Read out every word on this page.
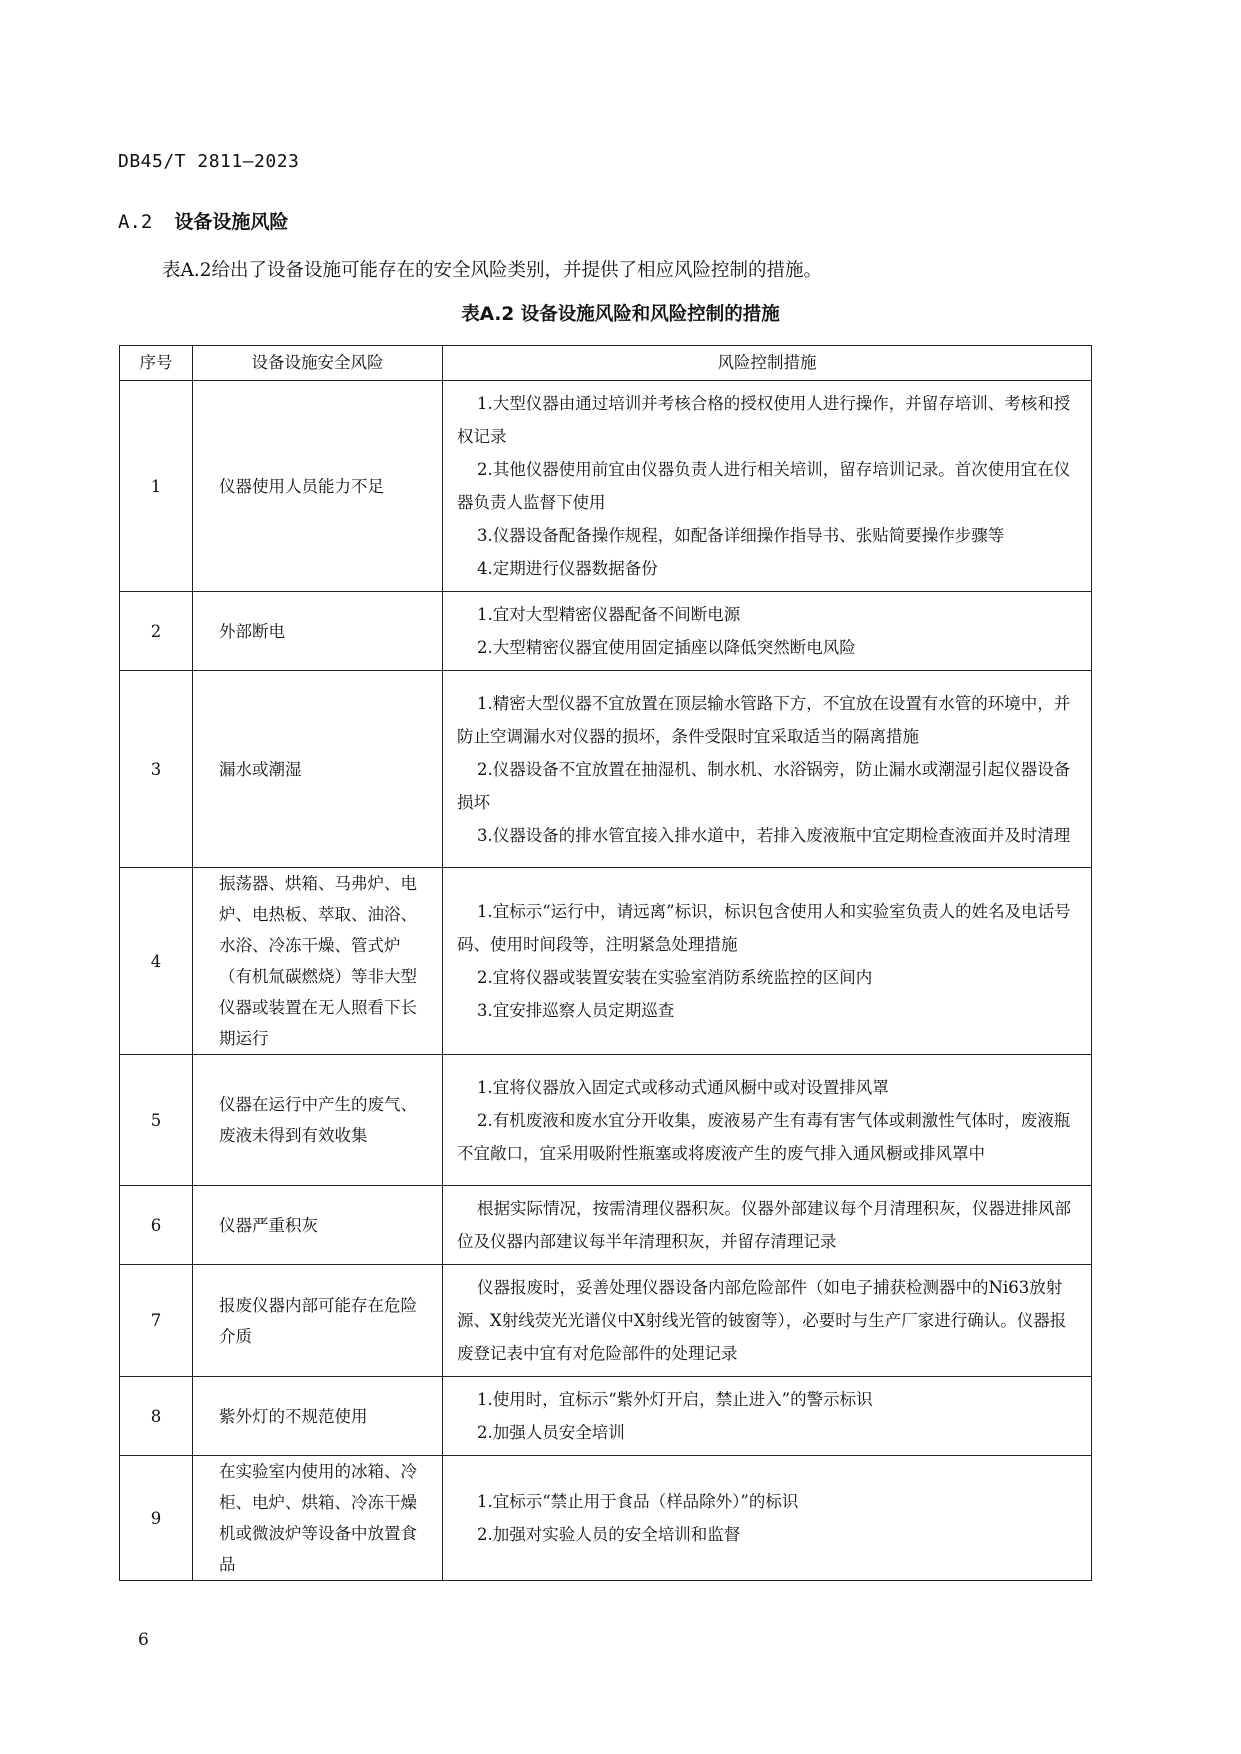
DB45/T 2811—2023
A.2 设备设施风险
表A.2给出了设备设施可能存在的安全风险类别，并提供了相应风险控制的措施。
表A.2 设备设施风险和风险控制的措施
序号	设备设施安全风险	风险控制措施
1	仪器使用人员能力不足	1.大型仪器由通过培训并考核合格的授权使用人进行操作，并留存培训、考核和授权记录
2.其他仪器使用前宜由仪器负责人进行相关培训，留存培训记录。首次使用宜在仪器负责人监督下使用
3.仪器设备配备操作规程，如配备详细操作指导书、张贴简要操作步骤等
4.定期进行仪器数据备份

2	外部断电	1.宜对大型精密仪器配备不间断电源
2.大型精密仪器宜使用固定插座以降低突然断电风险

3	漏水或潮湿	1.精密大型仪器不宜放置在顶层输水管路下方，不宜放在设置有水管的环境中，并防止空调漏水对仪器的损坏，条件受限时宜采取适当的隔离措施
2.仪器设备不宜放置在抽湿机、制水机、水浴锅旁，防止漏水或潮湿引起仪器设备损坏
3.仪器设备的排水管宜接入排水道中，若排入废液瓶中宜定期检查液面并及时清理

4	振荡器、烘箱、马弗炉、电炉、电热板、萃取、油浴、水浴、冷冻干燥、管式炉（有机氚碳燃烧）等非大型仪器或装置在无人照看下长期运行	1.宜标示“运行中，请远离”标识，标识包含使用人和实验室负责人的姓名及电话号码、使用时间段等，注明紧急处理措施
2.宜将仪器或装置安装在实验室消防系统监控的区间内
3.宜安排巡察人员定期巡查

5	仪器在运行中产生的废气、废液未得到有效收集	1.宜将仪器放入固定式或移动式通风橱中或对设置排风罩
2.有机废液和废水宜分开收集，废液易产生有毒有害气体或刺激性气体时，废液瓶不宜敞口，宜采用吸附性瓶塞或将废液产生的废气排入通风橱或排风罩中

6	仪器严重积灰	根据实际情况，按需清理仪器积灰。仪器外部建议每个月清理积灰，仪器进排风部位及仪器内部建议每半年清理积灰，并留存清理记录

7	报废仪器内部可能存在危险介质	仪器报废时，妥善处理仪器设备内部危险部件（如电子捕获检测器中的Ni63放射源、X射线荧光光谱仪中X射线光管的铍窗等），必要时与生产厂家进行确认。仪器报废登记表中宜有对危险部件的处理记录

8	紫外灯的不规范使用	1.使用时，宜标示“紫外灯开启，禁止进入”的警示标识
2.加强人员安全培训

9	在实验室内使用的冰箱、冷柜、电炉、烘箱、冷冻干燥机或微波炉等设备中放置食品	1.宜标示“禁止用于食品（样品除外）”的标识
2.加强对实验人员的安全培训和监督
6
